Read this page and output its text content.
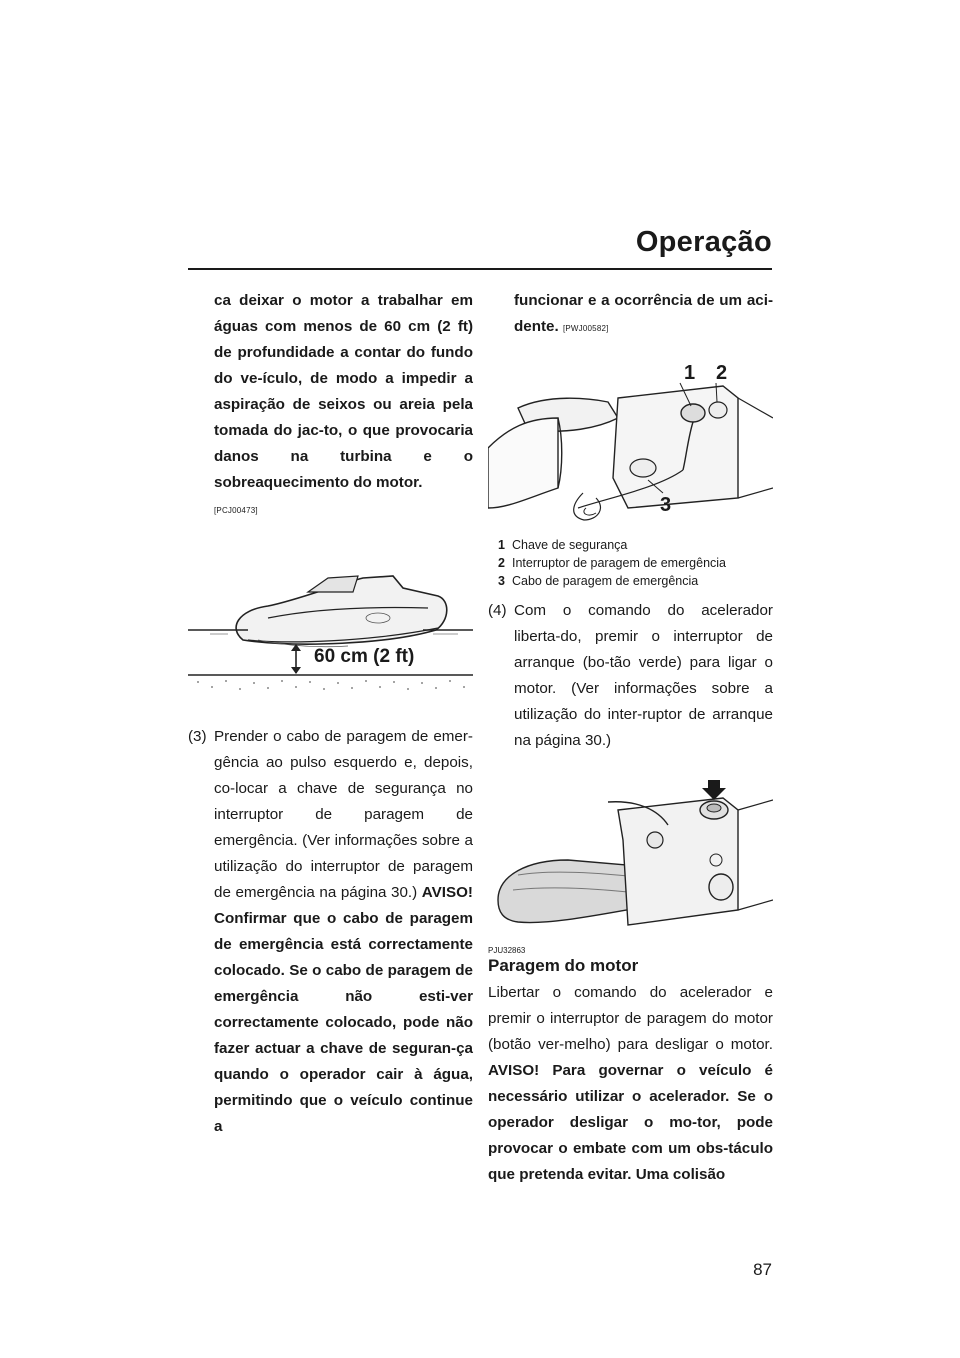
Operação
ca deixar o motor a trabalhar em águas com menos de 60 cm (2 ft) de profundidade a contar do fundo do ve-ículo, de modo a impedir a aspiração de seixos ou areia pela tomada do jac-to, o que provocaria danos na turbina e o sobreaquecimento do motor.
[PCJ00473]
60 cm (2 ft)
(3) Prender o cabo de paragem de emer-gência ao pulso esquerdo e, depois, co-locar a chave de segurança no interruptor de paragem de emergência. (Ver informações sobre a utilização do interruptor de paragem de emergência na página 30.) AVISO! Confirmar que o cabo de paragem de emergência está correctamente colocado. Se o cabo de paragem de emergência não esti-ver correctamente colocado, pode não fazer actuar a chave de seguran-ça quando o operador cair à água, permitindo que o veículo continue a
funcionar e a ocorrência de um aci-dente. [PWJ00582]
1 2
3
1 Chave de segurança
2 Interruptor de paragem de emergência
3 Cabo de paragem de emergência
(4) Com o comando do acelerador liberta-do, premir o interruptor de arranque (bo-tão verde) para ligar o motor. (Ver informações sobre a utilização do inter-ruptor de arranque na página 30.)
PJU32863
Paragem do motor
Libertar o comando do acelerador e premir o interruptor de paragem do motor (botão ver-melho) para desligar o motor. AVISO! Para governar o veículo é necessário utilizar o acelerador. Se o operador desligar o mo-tor, pode provocar o embate com um obs-táculo que pretenda evitar. Uma colisão
87
